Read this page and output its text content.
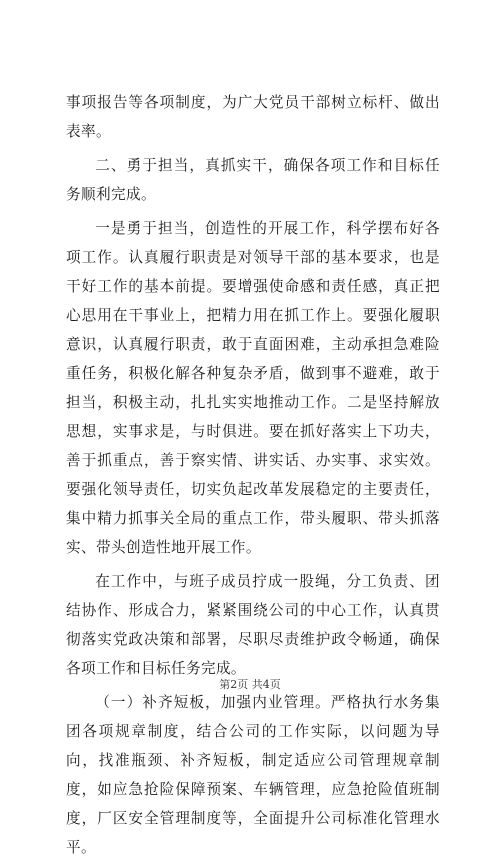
事项报告等各项制度，为广大党员干部树立标杆、做出表率。

二、勇于担当，真抓实干，确保各项工作和目标任务顺利完成。

一是勇于担当，创造性的开展工作，科学摆布好各项工作。认真履行职责是对领导干部的基本要求，也是干好工作的基本前提。要增强使命感和责任感，真正把心思用在干事业上，把精力用在抓工作上。要强化履职意识，认真履行职责，敢于直面困难，主动承担急难险重任务，积极化解各种复杂矛盾，做到事不避难，敢于担当，积极主动，扎扎实实地推动工作。二是坚持解放思想，实事求是，与时俱进。要在抓好落实上下功夫，善于抓重点，善于察实情、讲实话、办实事、求实效。要强化领导责任，切实负起改革发展稳定的主要责任，集中精力抓事关全局的重点工作，带头履职、带头抓落实、带头创造性地开展工作。

在工作中，与班子成员拧成一股绳，分工负责、团结协作、形成合力，紧紧围绕公司的中心工作，认真贯彻落实党政决策和部署，尽职尽责维护政令畅通，确保各项工作和目标任务完成。

（一）补齐短板，加强内业管理。严格执行水务集团各项规章制度，结合公司的工作实际，以问题为导向，找准瓶颈、补齐短板，制定适应公司管理规章制度，如应急抢险保障预案、车辆管理，应急抢险值班制度，厂区安全管理制度等，全面提升公司标准化管理水平。

第2页 共4页
